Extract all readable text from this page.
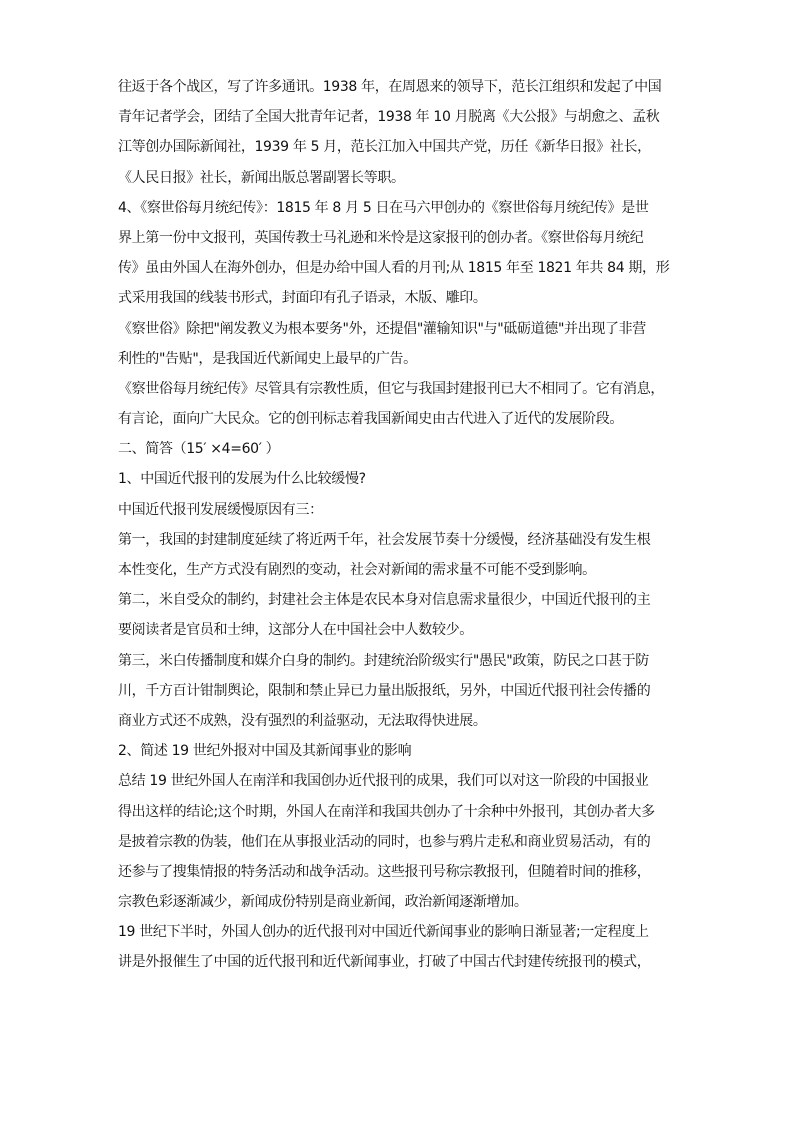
往返于各个战区，写了许多通讯。1938 年，在周恩来的领导下，范长江组织和发起了中国
青年记者学会，团结了全国大批青年记者，1938 年 10 月脱离《大公报》与胡愈之、孟秋
江等创办国际新闻社，1939 年 5 月，范长江加入中国共产党，历任《新华日报》社长，
《人民日报》社长，新闻出版总署副署长等职。
4、《察世俗每月统纪传》：1815 年 8 月 5 日在马六甲创办的《察世俗每月统纪传》是世
界上第一份中文报刊，英国传教士马礼逊和米怜是这家报刊的创办者。《察世俗每月统纪
传》虽由外国人在海外创办，但是办给中国人看的月刊;从 1815 年至 1821 年共 84 期，形
式采用我国的线装书形式，封面印有孔子语录，木版、雕印。
《察世俗》除把"阐发教义为根本要务"外，还提倡"灌输知识"与"砥砺道德"并出现了非营
利性的"告贴"，是我国近代新闻史上最早的广告。
《察世俗每月统纪传》尽管具有宗教性质，但它与我国封建报刊已大不相同了。它有消息，
有言论，面向广大民众。它的创刊标志着我国新闻史由古代进入了近代的发展阶段。
二、简答（15′ ×4=60′ ）
1、中国近代报刊的发展为什么比较缓慢?
中国近代报刊发展缓慢原因有三：
第一，我国的封建制度延续了将近两千年，社会发展节奏十分缓慢，经济基础没有发生根
本性变化，生产方式没有剧烈的变动，社会对新闻的需求量不可能不受到影响。
第二，米自受众的制约，封建社会主体是农民本身对信息需求量很少，中国近代报刊的主
要阅读者是官员和士绅，这部分人在中国社会中人数较少。
第三，米白传播制度和媒介白身的制约。封建统治阶级实行"愚民"政策，防民之口甚于防
川，千方百计钳制舆论，限制和禁止异已力量出版报纸，另外，中国近代报刊社会传播的
商业方式还不成熟，没有强烈的利益驱动，无法取得快进展。
2、简述 19 世纪外报对中国及其新闻事业的影响
总结 19 世纪外国人在南洋和我国创办近代报刊的成果，我们可以对这一阶段的中国报业
得出这样的结论;这个时期，外国人在南洋和我国共创办了十余种中外报刊，其创办者大多
是披着宗教的伪装，他们在从事报业活动的同时，也参与鸦片走私和商业贸易活动，有的
还参与了搜集情报的特务活动和战争活动。这些报刊号称宗教报刊，但随着时间的推移，
宗教色彩逐渐减少，新闻成份特别是商业新闻，政治新闻逐渐增加。
19 世纪下半时，外国人创办的近代报刊对中国近代新闻事业的影响日渐显著;一定程度上
讲是外报催生了中国的近代报刊和近代新闻事业，打破了中国古代封建传统报刊的模式，
